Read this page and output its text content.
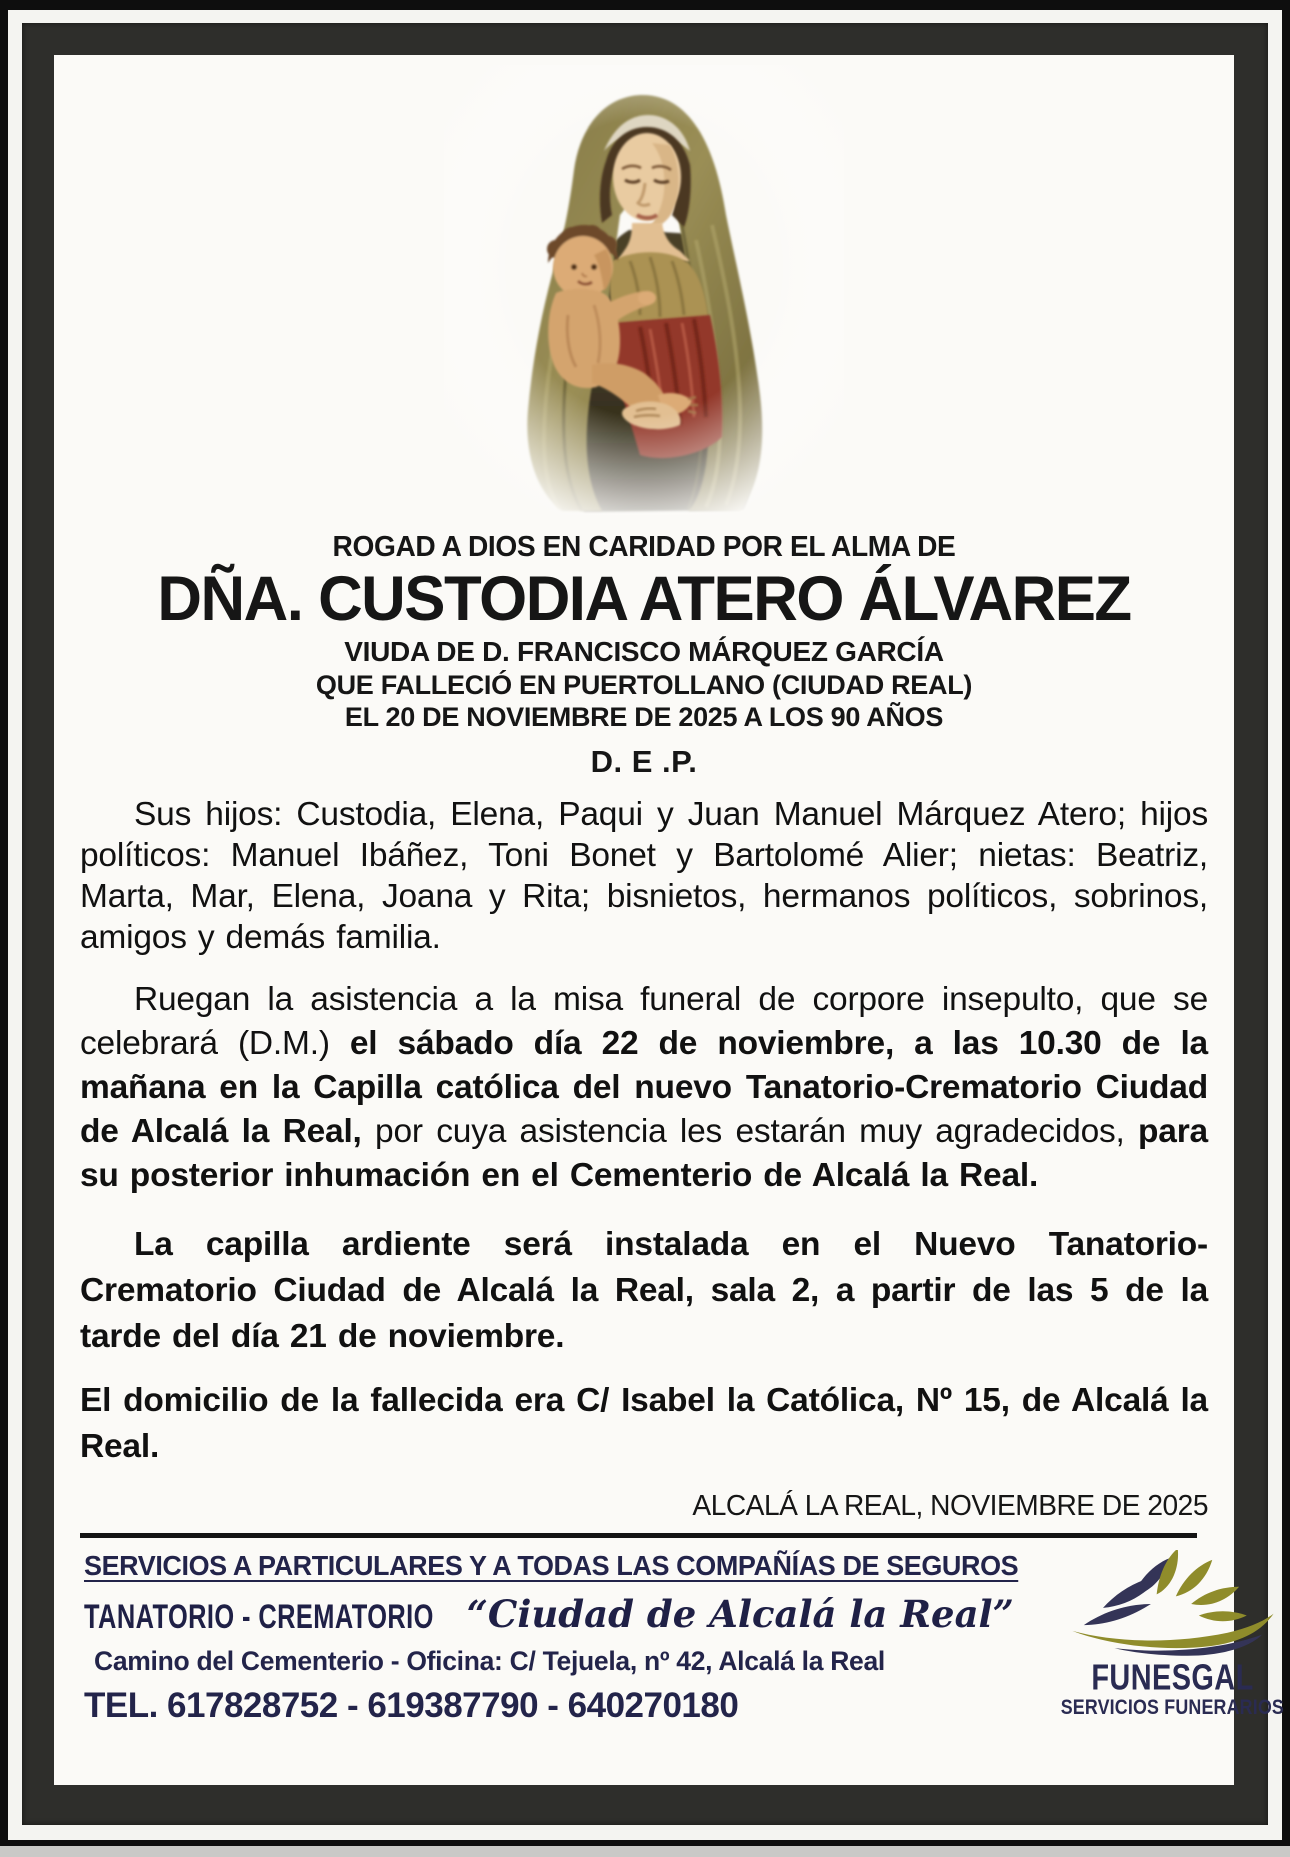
ROGAD A DIOS EN CARIDAD POR EL ALMA DE
DÑA. CUSTODIA ATERO ÁLVAREZ
VIUDA DE D. FRANCISCO MÁRQUEZ GARCÍA
QUE FALLECIÓ EN PUERTOLLANO (CIUDAD REAL)
EL 20 DE NOVIEMBRE DE 2025 A LOS 90 AÑOS
D. E .P.
Sus hijos: Custodia, Elena, Paqui y Juan Manuel Márquez Atero; hijos políticos: Manuel Ibáñez, Toni Bonet y Bartolomé Alier; nietas: Beatriz, Marta, Mar, Elena, Joana y Rita; bisnietos, hermanos políticos, sobrinos, amigos y demás familia.
Ruegan la asistencia a la misa funeral de corpore insepulto, que se celebrará (D.M.) el sábado día 22 de noviembre, a las 10.30 de la mañana en la Capilla católica del nuevo Tanatorio-Crematorio Ciudad de Alcalá la Real, por cuya asistencia les estarán muy agradecidos, para su posterior inhumación en el Cementerio de Alcalá la Real.
La capilla ardiente será instalada en el Nuevo Tanatorio-Crematorio Ciudad de Alcalá la Real, sala 2, a partir de las 5 de la tarde del día 21 de noviembre.
El domicilio de la fallecida era C/ Isabel la Católica, Nº 15, de Alcalá la Real.
ALCALÁ LA REAL, NOVIEMBRE DE 2025
SERVICIOS A PARTICULARES Y A TODAS LAS COMPAÑÍAS DE SEGUROS
TANATORIO - CREMATORIO “Ciudad de Alcalá la Real”
Camino del Cementerio - Oficina: C/ Tejuela, nº 42, Alcalá la Real
TEL. 617828752 - 619387790 - 640270180
FUNESGAL
SERVICIOS FUNERARIOS
